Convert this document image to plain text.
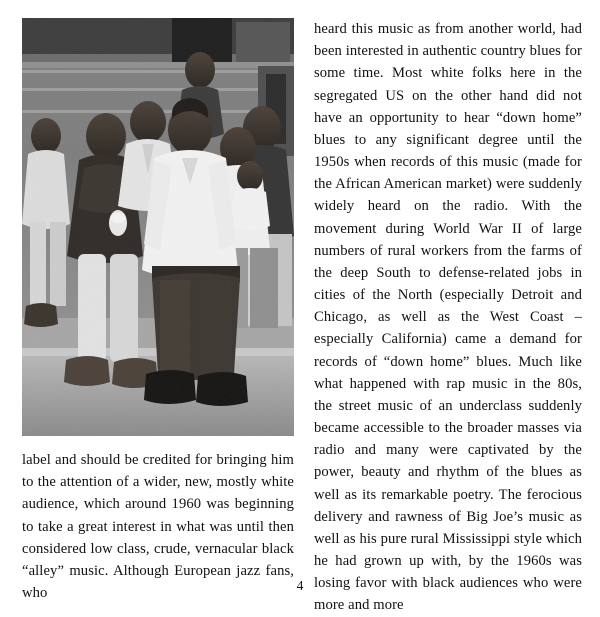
label and should be credited for bringing him to the attention of a wider, new, mostly white audience, which around 1960 was beginning to take a great interest in what was until then considered low class, crude, vernacular black “alley” music. Although European jazz fans, who
heard this music as from another world, had been interested in authentic country blues for some time. Most white folks here in the segregated US on the other hand did not have an opportunity to hear “down home” blues to any significant degree until the 1950s when records of this music (made for the African American market) were suddenly widely heard on the radio. With the movement during World War II of large numbers of rural workers from the farms of the deep South to defense-related jobs in cities of the North (especially Detroit and Chicago, as well as the West Coast – especially California) came a demand for records of “down home” blues. Much like what happened with rap music in the 80s, the street music of an underclass suddenly became accessible to the broader masses via radio and many were captivated by the power, beauty and rhythm of the blues as well as its remarkable poetry. The ferocious delivery and rawness of Big Joe’s music as well as his pure rural Mississippi style which he had grown up with, by the 1960s was losing favor with black audiences who were more and more
4
